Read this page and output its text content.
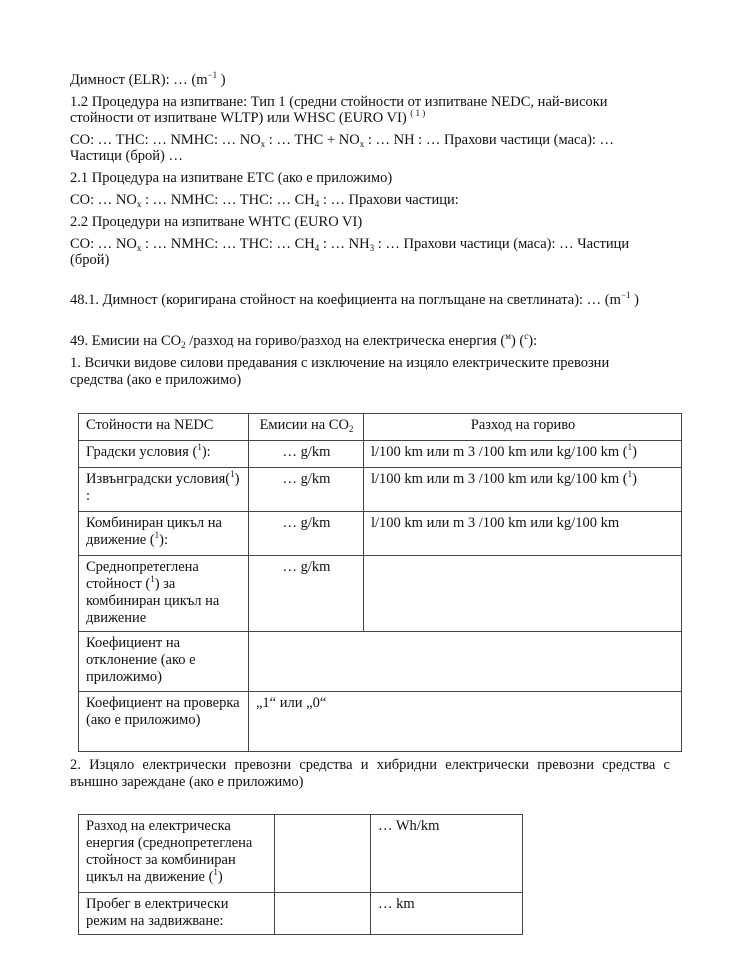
Димност (ELR): … ($m^{-1}$ )
1.2 Процедура на изпитване: Тип 1 (средни стойности от изпитване NEDC, най-високи
стойности от изпитване WLTP) или WHSC (EURO VI) $^{( 1 )}$
CO: … THC: … NMHC: … $NO_x$ : … THC + $NO_x$ : … NH : … Прахови частици (маса): …
Частици (брой) …
2.1 Процедура на изпитване ETC (ако е приложимо)
CO: … $NO_x$ : … NMHC: … THC: … $CH_4$ : … Прахови частици:
2.2 Процедури на изпитване WHTC (EURO VI)
CO: … $NO_x$ : … NMHC: … THC: … $CH_4$ : … $NH_3$ : … Прахови частици (маса): … Частици
(брой)
48.1. Димност (коригирана стойност на коефициента на поглъщане на светлината): … ($m^{-1}$ )
49. Емисии на $CO_2$ /разход на гориво/разход на електрическа енергия ($^м$) ($^с$):
1. Всички видове силови предавания с изключение на изцяло електрическите превозни средства (ако е приложимо)
Стойности на NEDC	Емисии на $CO_2$	Разход на гориво
Градски условия ($^1$):	… g/km	l/100 km или m 3 /100 km или kg/100 km ($^1$)
Извънградски условия($^1$) :	… g/km	l/100 km или m 3 /100 km или kg/100 km ($^1$)
Комбиниран цикъл на движение ($^1$):	… g/km	l/100 km или m 3 /100 km или kg/100 km
Среднопретеглена стойност ($^1$) за комбиниран цикъл на движение	… g/km	
Коефициент на отклонение (ако е приложимо)		
Коефициент на проверка (ако е приложимо)	„1“ или „0“	
2. Изцяло електрически превозни средства и хибридни електрически превозни средства с външно зареждане (ако е приложимо)
Разход на електрическа енергия (среднопретеглена стойност за комбиниран цикъл на движение ($^1$)		… Wh/km
Пробег в електрически режим на задвижване:		… km
